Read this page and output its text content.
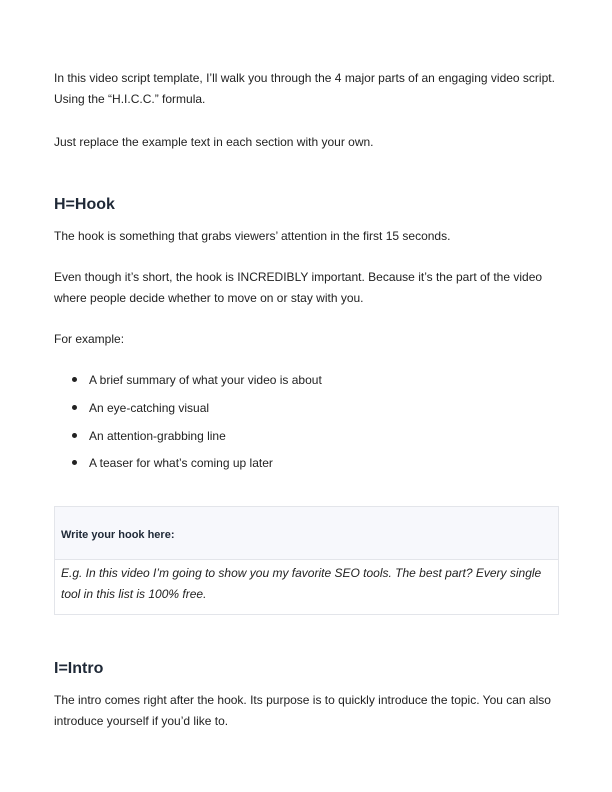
In this video script template, I’ll walk you through the 4 major parts of an engaging video script. Using the “H.I.C.C.” formula.

Just replace the example text in each section with your own.

H=Hook

The hook is something that grabs viewers’ attention in the first 15 seconds.

Even though it’s short, the hook is INCREDIBLY important. Because it’s the part of the video where people decide whether to move on or stay with you.

For example:

A brief summary of what your video is about
An eye-catching visual
An attention-grabbing line
A teaser for what’s coming up later
Write your hook here:
E.g. In this video I’m going to show you my favorite SEO tools. The best part? Every single tool in this list is 100% free.
I=Intro

The intro comes right after the hook. Its purpose is to quickly introduce the topic. You can also introduce yourself if you’d like to.
